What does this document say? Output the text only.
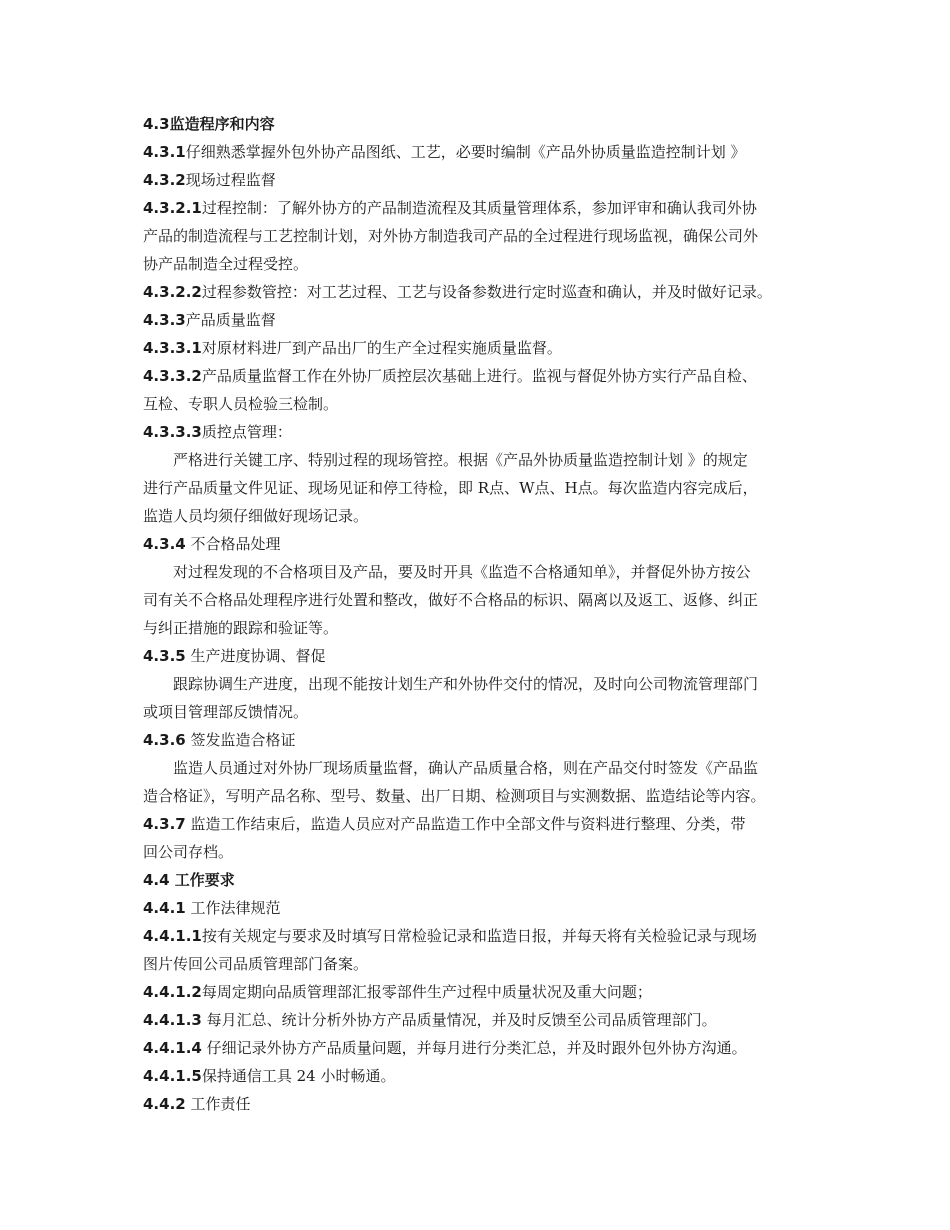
4.3监造程序和内容
4.3.1仔细熟悉掌握外包外协产品图纸、工艺，必要时编制《产品外协质量监造控制计划 》
4.3.2现场过程监督
4.3.2.1过程控制：了解外协方的产品制造流程及其质量管理体系，参加评审和确认我司外协
产品的制造流程与工艺控制计划，对外协方制造我司产品的全过程进行现场监视，确保公司外
协产品制造全过程受控。
4.3.2.2过程参数管控：对工艺过程、工艺与设备参数进行定时巡查和确认，并及时做好记录。
4.3.3产品质量监督
4.3.3.1对原材料进厂到产品出厂的生产全过程实施质量监督。
4.3.3.2产品质量监督工作在外协厂质控层次基础上进行。监视与督促外协方实行产品自检、
互检、专职人员检验三检制。
4.3.3.3质控点管理：
严格进行关键工序、特别过程的现场管控。根据《产品外协质量监造控制计划 》的规定
进行产品质量文件见证、现场见证和停工待检，即 R点、W点、H点。每次监造内容完成后，
监造人员均须仔细做好现场记录。
4.3.4 不合格品处理
对过程发现的不合格项目及产品，要及时开具《监造不合格通知单》，并督促外协方按公
司有关不合格品处理程序进行处置和整改，做好不合格品的标识、隔离以及返工、返修、纠正
与纠正措施的跟踪和验证等。
4.3.5 生产进度协调、督促
跟踪协调生产进度，出现不能按计划生产和外协件交付的情况，及时向公司物流管理部门
或项目管理部反馈情况。
4.3.6 签发监造合格证
监造人员通过对外协厂现场质量监督，确认产品质量合格，则在产品交付时签发《产品监
造合格证》，写明产品名称、型号、数量、出厂日期、检测项目与实测数据、监造结论等内容。
4.3.7 监造工作结束后，监造人员应对产品监造工作中全部文件与资料进行整理、分类，带
回公司存档。
4.4 工作要求
4.4.1 工作法律规范
4.4.1.1按有关规定与要求及时填写日常检验记录和监造日报，并每天将有关检验记录与现场
图片传回公司品质管理部门备案。
4.4.1.2每周定期向品质管理部汇报零部件生产过程中质量状况及重大问题；
4.4.1.3 每月汇总、统计分析外协方产品质量情况，并及时反馈至公司品质管理部门。
4.4.1.4 仔细记录外协方产品质量问题，并每月进行分类汇总，并及时跟外包外协方沟通。
4.4.1.5保持通信工具 24 小时畅通。
4.4.2 工作责任
